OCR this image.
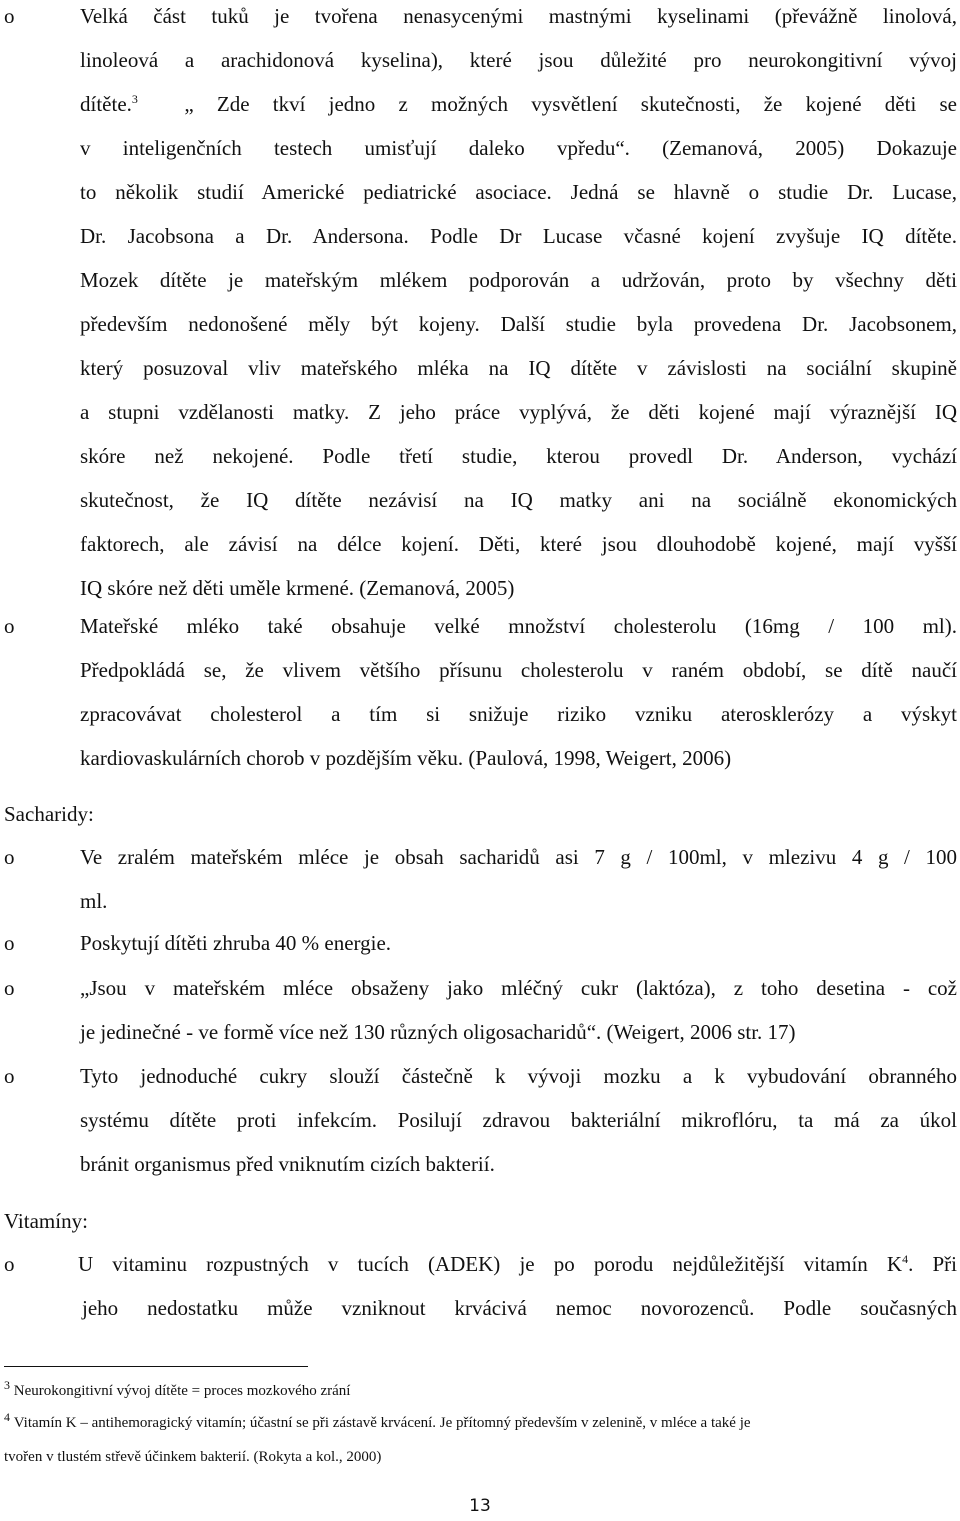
o	Velká část tuků je tvořena nenasycenými mastnými kyselinami (převážně linolová,
linoleová a arachidonová kyselina), které jsou důležité pro neurokongitivní vývoj
dítěte.$^3$ „ Zde tkví jedno z možných vysvětlení skutečnosti, že kojené děti se
v inteligenčních testech umisťují daleko vpředu“. (Zemanová, 2005) Dokazuje
to několik studií Americké pediatrické asociace. Jedná se hlavně o studie Dr. Lucase,
Dr. Jacobsona a Dr. Andersona. Podle Dr Lucase včasné kojení zvyšuje IQ dítěte.
Mozek dítěte je mateřským mlékem podporován a udržován, proto by všechny děti
především nedonošené měly být kojeny. Další studie byla provedena Dr. Jacobsonem,
který posuzoval vliv mateřského mléka na IQ dítěte v závislosti na sociální skupině
a stupni vzdělanosti matky. Z jeho práce vyplývá, že děti kojené mají výraznější IQ
skóre než nekojené. Podle třetí studie, kterou provedl Dr. Anderson, vychází
skutečnost, že IQ dítěte nezávisí na IQ matky ani na sociálně ekonomických
faktorech, ale závisí na délce kojení. Děti, které jsou dlouhodobě kojené, mají vyšší
IQ skóre než děti uměle krmené. (Zemanová, 2005)
o	Mateřské mléko také obsahuje velké množství cholesterolu (16mg / 100 ml).
Předpokládá se, že vlivem většího přísunu cholesterolu v raném období, se dítě naučí
zpracovávat cholesterol a tím si snižuje riziko vzniku aterosklerózy a výskyt
kardiovaskulárních chorob v pozdějším věku. (Paulová, 1998, Weigert, 2006)
Sacharidy:
o	Ve zralém mateřském mléce je obsah sacharidů asi 7 g / 100ml, v mlezivu 4 g / 100
ml.
o	Poskytují dítěti zhruba 40 % energie.
o	„Jsou v mateřském mléce obsaženy jako mléčný cukr (laktóza), z toho desetina - což
je jedinečné - ve formě více než 130 různých oligosacharidů“. (Weigert, 2006 str. 17)
o	Tyto jednoduché cukry slouží částečně k vývoji mozku a k vybudování obranného
systému dítěte proti infekcím. Posilují zdravou bakteriální mikroflóru, ta má za úkol
bránit organismus před vniknutím cizích bakterií.
Vitamíny:
o	U vitaminu rozpustných v tucích (ADEK) je po porodu nejdůležitější vitamín $K^4$. Při
jeho nedostatku může vzniknout krvácivá nemoc novorozenců. Podle současných
$^3$ Neurokongitivní vývoj dítěte = proces mozkového zrání
$^4$ Vitamín K – antihemoragický vitamín; účastní se při zástavě krvácení. Je přítomný především v zelenině, v mléce a také je
tvořen v tlustém střevě účinkem bakterií. (Rokyta a kol., 2000)
13
